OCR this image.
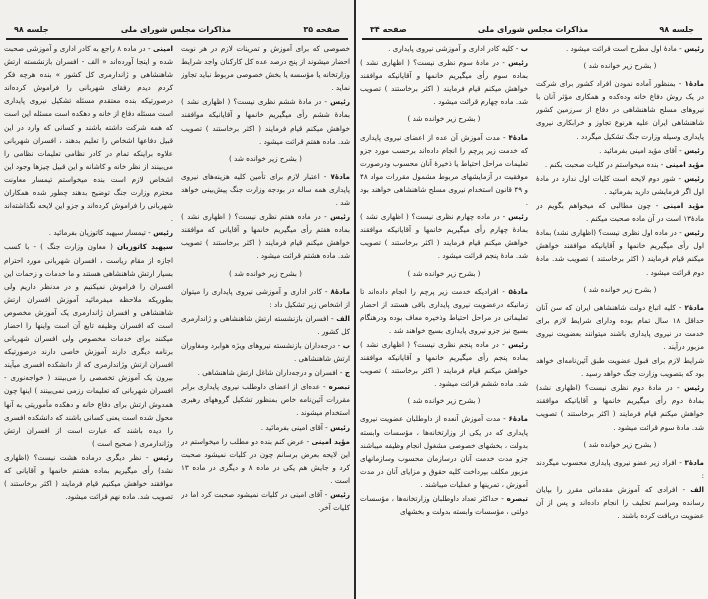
صفحه ۳۴	مذاکرات مجلس شورای ملی	جلسه ۹۸

رئیس - مادهٔ اول مطرح است قرائت میشود .

( بشرح زیر خوانده شد )

مادهٔ۱ - بمنظور آماده نمودن افراد کشور برای شرکت در یک روش دفاع خانه وده‌کده و همکاری مؤثر آنان با نیروهای مسلح شاهنشاهی در دفاع از سرزمین کشور شاهنشاهی ایران علیه هرنوع تجاوز و خرابکاری نیروی پایداری وسیله وزارت جنگ تشکیل میگردد .

رئیس - آقای مؤید امینی بفرمائید .

مؤید امینی - بنده میخواستم در کلیات صحبت بکنم .

رئیس - شور دوم لایحه است کلیات اول ندارد در مادهٔ اول اگر فرمایشی دارید بفرمائید .

مؤید امینی - چون مطالبی که میخواهم بگویم در مادهٔ۱۳ است در آن ماده صحبت میکنم .

رئیس - در ماده اول نظری نیست؟ (اظهاری نشد) بمادهٔ اول رأی میگیریم خانمها و آقایانیکه موافقند خواهش میکنم قیام فرمایند ( اکثر برخاستند ) تصویب شد. مادهٔ دوم قرائت میشود .

( بشرح زیر خوانده شد )

مادهٔ۲ - کلیه اتباع دولت شاهنشاهی ایران که سن آنان حداقل ۱۸ سال تمام بوده ودارای شرایط لازم برای خدمت در نیروی پایداری باشند میتوانند بعضویت نیروی مزبور درآیند .

شرایط لازم برای قبول عضویت طبق آئین‌نامه‌ای خواهد بود که بتصویب وزارت جنگ خواهد رسید .

رئیس - در مادهٔ دوم نظری نیست؟ (اظهاری نشد) بمادهٔ دوم رأی میگیریم خانمها و آقایانیکه موافقند خواهش میکنم قیام فرمایند ( اکثر برخاستند ) تصویب شد. مادهٔ سوم قرائت میشود .

( بشرح زیر خوانده شد )

مادهٔ۳ - افراد زیر عضو نیروی پایداری محسوب میگردند :

الف - افرادی که آموزش مقدماتی مقرر را بپایان رسانده ومراسم تحلیف را انجام داده‌اند و پس از آن عضویت دریافت کرده باشند .

ب - کلیه کادر اداری و آموزشی نیروی پایداری .

رئیس - در مادهٔ سوم نظری نیست؟ ( اظهاری نشد ) بماده سوم رأی میگیریم خانمها و آقایانیکه موافقند خواهش میکنم قیام فرمایند ( اکثر برخاستند ) تصویب شد. ماده چهارم قرائت میشود .

( بشرح زیر خوانده شد )

مادهٔ۴ - مدت آموزش آن عده از اعضای نیروی پایداری که خدمت زیر پرچم را انجام داده‌اند برحسب مورد جزو تعلیمات مراحل احتیاط یا ذخیرهٔ آنان محسوب ودرصورت موفقیت در آزمایشهای مربوط مشمول مقررات مواد ۴۸ و ۴۹ قانون استخدام نیروی مسلح شاهنشاهی خواهند بود .

رئیس - در ماده چهارم نظری نیست؟ ( اظهاری نشد ) بمادهٔ چهارم رأی میگیریم خانمها و آقایانیکه موافقند خواهش میکنم قیام فرمایند ( اکثر برخاستند ) تصویب شد. مادهٔ پنجم قرائت میشود .

( بشرح زیر خوانده شد )

مادهٔ۵ - افرادیکه خدمت زیر پرچم را انجام داده‌اند تا زمانیکه درعضویت نیروی پایداری باقی هستند از احضار تعلیماتی در مراحل احتیاط وذخیره معاف بوده ودرهنگام بسیج نیز جزو نیروی پایداری بسیج خواهند شد .

رئیس - در ماده پنجم نظری نیست؟ ( اظهاری نشد ) بماده پنجم رأی میگیریم خانمها و آقایانیکه موافقند خواهش میکنم قیام فرمایند ( اکثر برخاستند ) تصویب شد. ماده ششم قرائت میشود .

( بشرح زیر خوانده شد )

مادهٔ۶ - مدت آموزش آنعده از داوطلبان عضویت نیروی پایداری که در یکی از وزارتخانه‌ها ، مؤسسات وابسته بدولت ، بخشهای خصوصی مشغول انجام وظیفه میباشند جزو مدت خدمت آنان درسازمان محسوب وسازمانهای مزبور مکلف بپرداخت کلیه حقوق و مزایای آنان در مدت آموزش ، تمرینها و عملیات میباشند .

تبصره - حداکثر تعداد داوطلبان وزارتخانه‌ها ، مؤسسات دولتی ، مؤسسات وابسته بدولت و بخشهای

جلسه ۹۸	مذاکرات مجلس شورای ملی	صفحه ۳۵

خصوصی که برای آموزش و تمرینات لازم در هر نوبت احضار میشوند از پنج درصد عده کل کارکنان واجد شرایط وزارتخانه یا مؤسسه یا بخش خصوصی مربوط نباید تجاوز نماید .

رئیس - در مادهٔ ششم نظری نیست؟ ( اظهاری نشد ) بمادهٔ ششم رأی میگیریم خانمها و آقایانیکه موافقند خواهش میکنم قیام فرمایند ( اکثر برخاستند ) تصویب شد. ماده هفتم قرائت میشود .

( بشرح زیر خوانده شد )

مادهٔ۷ - اعتبار لازم برای تأمین کلیه هزینه‌های نیروی پایداری همه ساله در بودجه وزارت جنگ پیش‌بینی خواهد شد .

رئیس - در ماده هفتم نظری نیست؟ ( اظهاری نشد ) بماده هفتم رأی میگیریم خانمها و آقایانی که موافقند خواهش میکنم قیام فرمایند ( اکثر برخاستند ) تصویب شد. ماده هشتم قرائت میشود .

( بشرح زیر خوانده شد )

مادهٔ۸ - کادر اداری و آموزشی نیروی پایداری را میتوان از اشخاص زیر تشکیل داد :

الف - افسران بازنشسته ارتش شاهنشاهی و ژاندارمری کل کشور .

ب - درجه‌داران بازنشسته نیروهای ویژه هوابرد ومغاوران ارتش شاهنشاهی .

ج - افسران و درجه‌داران شاغل ارتش شاهنشاهی .

تبصره - عده‌ای از اعضای داوطلب نیروی پایداری برابر مقررات آئین‌نامه خاص بمنظور تشکیل گروههای رهبری استخدام میشوند .

رئیس - آقای امینی بفرمائید .

مؤید امینی - عرض کنم بنده دو مطلب را میخواستم در این لایحه بعرض برسانم چون در کلیات نمیشود صحبت کرد و جایش هم یکی در ماده ۸ و دیگری در ماده ۱۳ است .

رئیس - آقای امینی در کلیات نمیشود صحبت کرد اما در کلیات آخر.

امینی - در ماده ۸ راجع به کادر اداری و آموزشی صحبت شده و اینجا آورده‌اند « الف - افسران بازنشسته ارتش شاهنشاهی و ژاندارمری کل کشور » بنده هرچه فکر کردم دیدم رفقای شهربانی را فراموش کرده‌اند درصورتیکه بنده معتقدم مسئله تشکیل نیروی پایداری است مسئله دفاع از خانه و دهکده است مسئله این است که همه شرکت داشته باشند و کسانی که وارد در این قبیل دفاعها اشخاص را تعلیم بدهند ، افسران شهربانی علاوه براینکه تمام در کادر نظامی تعلیمات نظامی را می‌بینند از نظر خانه و کاشانه و این قبیل چیزها وجود این اشخاص لازم است بنده میخواستم تیمسار معاونت محترم وزارت جنگ توضیح بدهند چطور شده همکاران شهربانی را فراموش کرده‌اند و جزو این لایحه نگذاشته‌اند .

رئیس - تیمسار سپهبد کاتوزیان بفرمائید .

سپهبد کاتوزیان ( معاون وزارت جنگ ) - با کسب اجازه از مقام ریاست ، افسران شهربانی مورد احترام بسیار ارتش شاهنشاهی هستند و ما خدمات و زحمات این افسران را فراموش نمیکنیم و در مدنظر داریم ولی بطوریکه ملاحظه میفرمائید آموزش افسران ارتش شاهنشاهی و افسران ژاندارمری یک آموزش مخصوص است که افسران وظیفه تابع آن است واینها را احضار میکنند برای خدمات مخصوص ولی افسران شهربانی برنامه دیگری دارند آموزش خاصی دارند درصورتیکه افسران ارتش وژاندارمری که از دانشکده افسری میآیند بیرون یک آموزش تخصصی را می‌بینند ( خواجه‌نوری - افسران شهربانی که تعلیمات رزمی نمی‌بینند ) اینها چون همدوش ارتش برای دفاع خانه و دهکده مأموریتی به آنها محول شده است یعنی کسانی باشند که دانشکده افسری را دیده باشند که عبارت است از افسران ارتش وژاندارمری ( صحیح است )

رئیس - نظر دیگری درماده هشت نیست؟ (اظهاری نشد) رأی میگیریم بماده هشتم خانمها و آقایانی که موافقند خواهش میکنیم قیام فرمایند ( اکثر برخاستند ) تصویب شد. ماده نهم قرائت میشود.
